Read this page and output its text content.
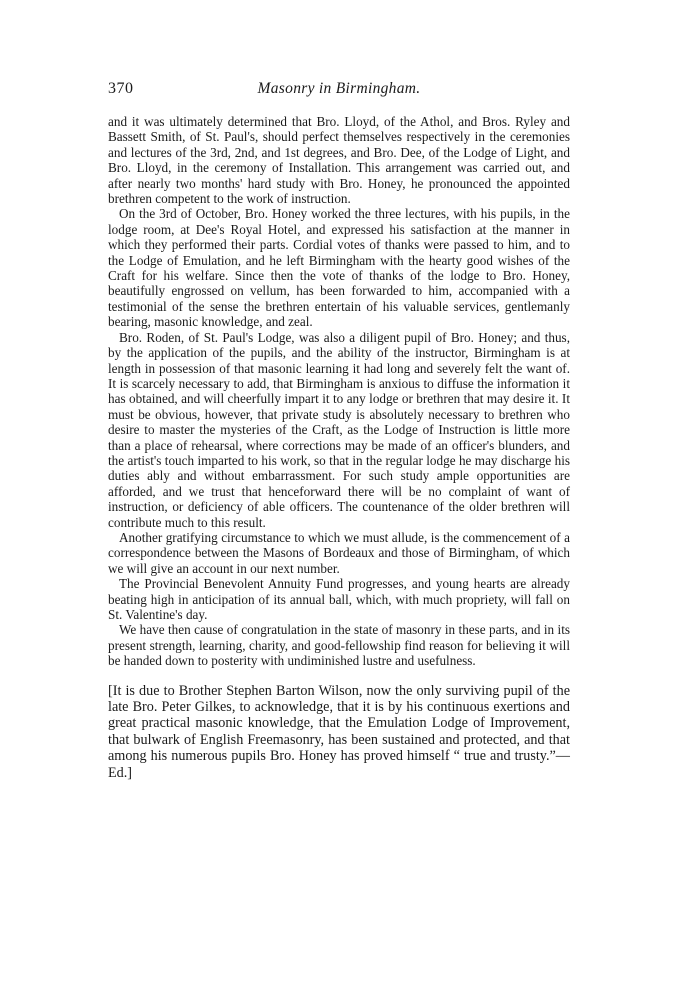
370	Masonry in Birmingham.

and it was ultimately determined that Bro. Lloyd, of the Athol, and Bros. Ryley and Bassett Smith, of St. Paul's, should perfect themselves respectively in the ceremonies and lectures of the 3rd, 2nd, and 1st degrees, and Bro. Dee, of the Lodge of Light, and Bro. Lloyd, in the ceremony of Installation. This arrangement was carried out, and after nearly two months' hard study with Bro. Honey, he pronounced the appointed brethren competent to the work of instruction.

On the 3rd of October, Bro. Honey worked the three lectures, with his pupils, in the lodge room, at Dee's Royal Hotel, and expressed his satisfaction at the manner in which they performed their parts. Cordial votes of thanks were passed to him, and to the Lodge of Emulation, and he left Birmingham with the hearty good wishes of the Craft for his welfare. Since then the vote of thanks of the lodge to Bro. Honey, beautifully engrossed on vellum, has been forwarded to him, accompanied with a testimonial of the sense the brethren entertain of his valuable services, gentlemanly bearing, masonic knowledge, and zeal.

Bro. Roden, of St. Paul's Lodge, was also a diligent pupil of Bro. Honey; and thus, by the application of the pupils, and the ability of the instructor, Birmingham is at length in possession of that masonic learning it had long and severely felt the want of. It is scarcely necessary to add, that Birmingham is anxious to diffuse the information it has obtained, and will cheerfully impart it to any lodge or brethren that may desire it. It must be obvious, however, that private study is absolutely necessary to brethren who desire to master the mysteries of the Craft, as the Lodge of Instruction is little more than a place of rehearsal, where corrections may be made of an officer's blunders, and the artist's touch imparted to his work, so that in the regular lodge he may discharge his duties ably and without embarrassment. For such study ample opportunities are afforded, and we trust that henceforward there will be no complaint of want of instruction, or deficiency of able officers. The countenance of the older brethren will contribute much to this result.

Another gratifying circumstance to which we must allude, is the commencement of a correspondence between the Masons of Bordeaux and those of Birmingham, of which we will give an account in our next number.

The Provincial Benevolent Annuity Fund progresses, and young hearts are already beating high in anticipation of its annual ball, which, with much propriety, will fall on St. Valentine's day.

We have then cause of congratulation in the state of masonry in these parts, and in its present strength, learning, charity, and good-fellowship find reason for believing it will be handed down to posterity with undiminished lustre and usefulness.

[It is due to Brother Stephen Barton Wilson, now the only surviving pupil of the late Bro. Peter Gilkes, to acknowledge, that it is by his continuous exertions and great practical masonic knowledge, that the Emulation Lodge of Improvement, that bulwark of English Freemasonry, has been sustained and protected, and that among his numerous pupils Bro. Honey has proved himself “ true and trusty.”—Ed.]
